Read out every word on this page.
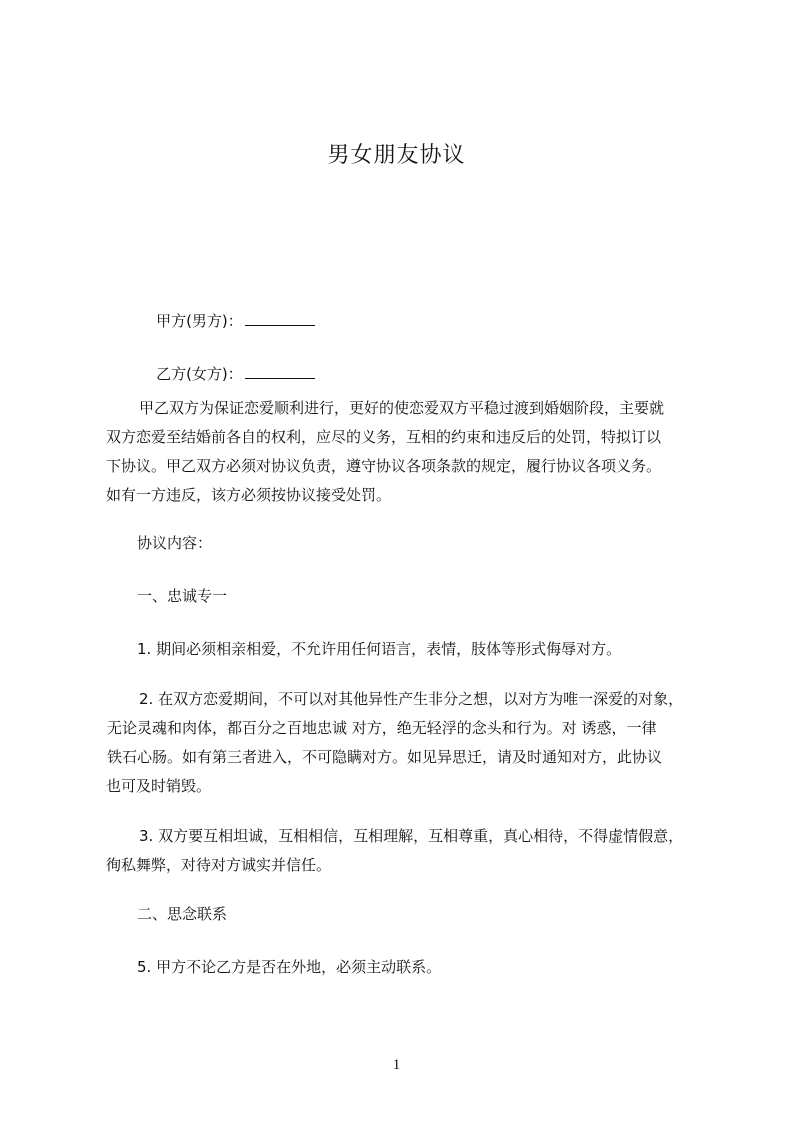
男女朋友协议

甲方(男方)：

乙方(女方)：

甲乙双方为保证恋爱顺利进行，更好的使恋爱双方平稳过渡到婚姻阶段，主要就
双方恋爱至结婚前各自的权利，应尽的义务，互相的约束和违反后的处罚，特拟订以
下协议。甲乙双方必须对协议负责，遵守协议各项条款的规定，履行协议各项义务。
如有一方违反，该方必须按协议接受处罚。
协议内容：
一、忠诚专一
1. 期间必须相亲相爱，不允许用任何语言，表情，肢体等形式侮辱对方。
2. 在双方恋爱期间，不可以对其他异性产生非分之想，以对方为唯一深爱的对象，
无论灵魂和肉体，都百分之百地忠诚 对方，绝无轻浮的念头和行为。对 诱惑，一律
铁石心肠。如有第三者进入，不可隐瞒对方。如见异思迁，请及时通知对方，此协议
也可及时销毁。
3. 双方要互相坦诚，互相相信，互相理解，互相尊重，真心相待，不得虚情假意，
徇私舞弊，对待对方诚实并信任。
二、思念联系
5. 甲方不论乙方是否在外地，必须主动联系。
1
